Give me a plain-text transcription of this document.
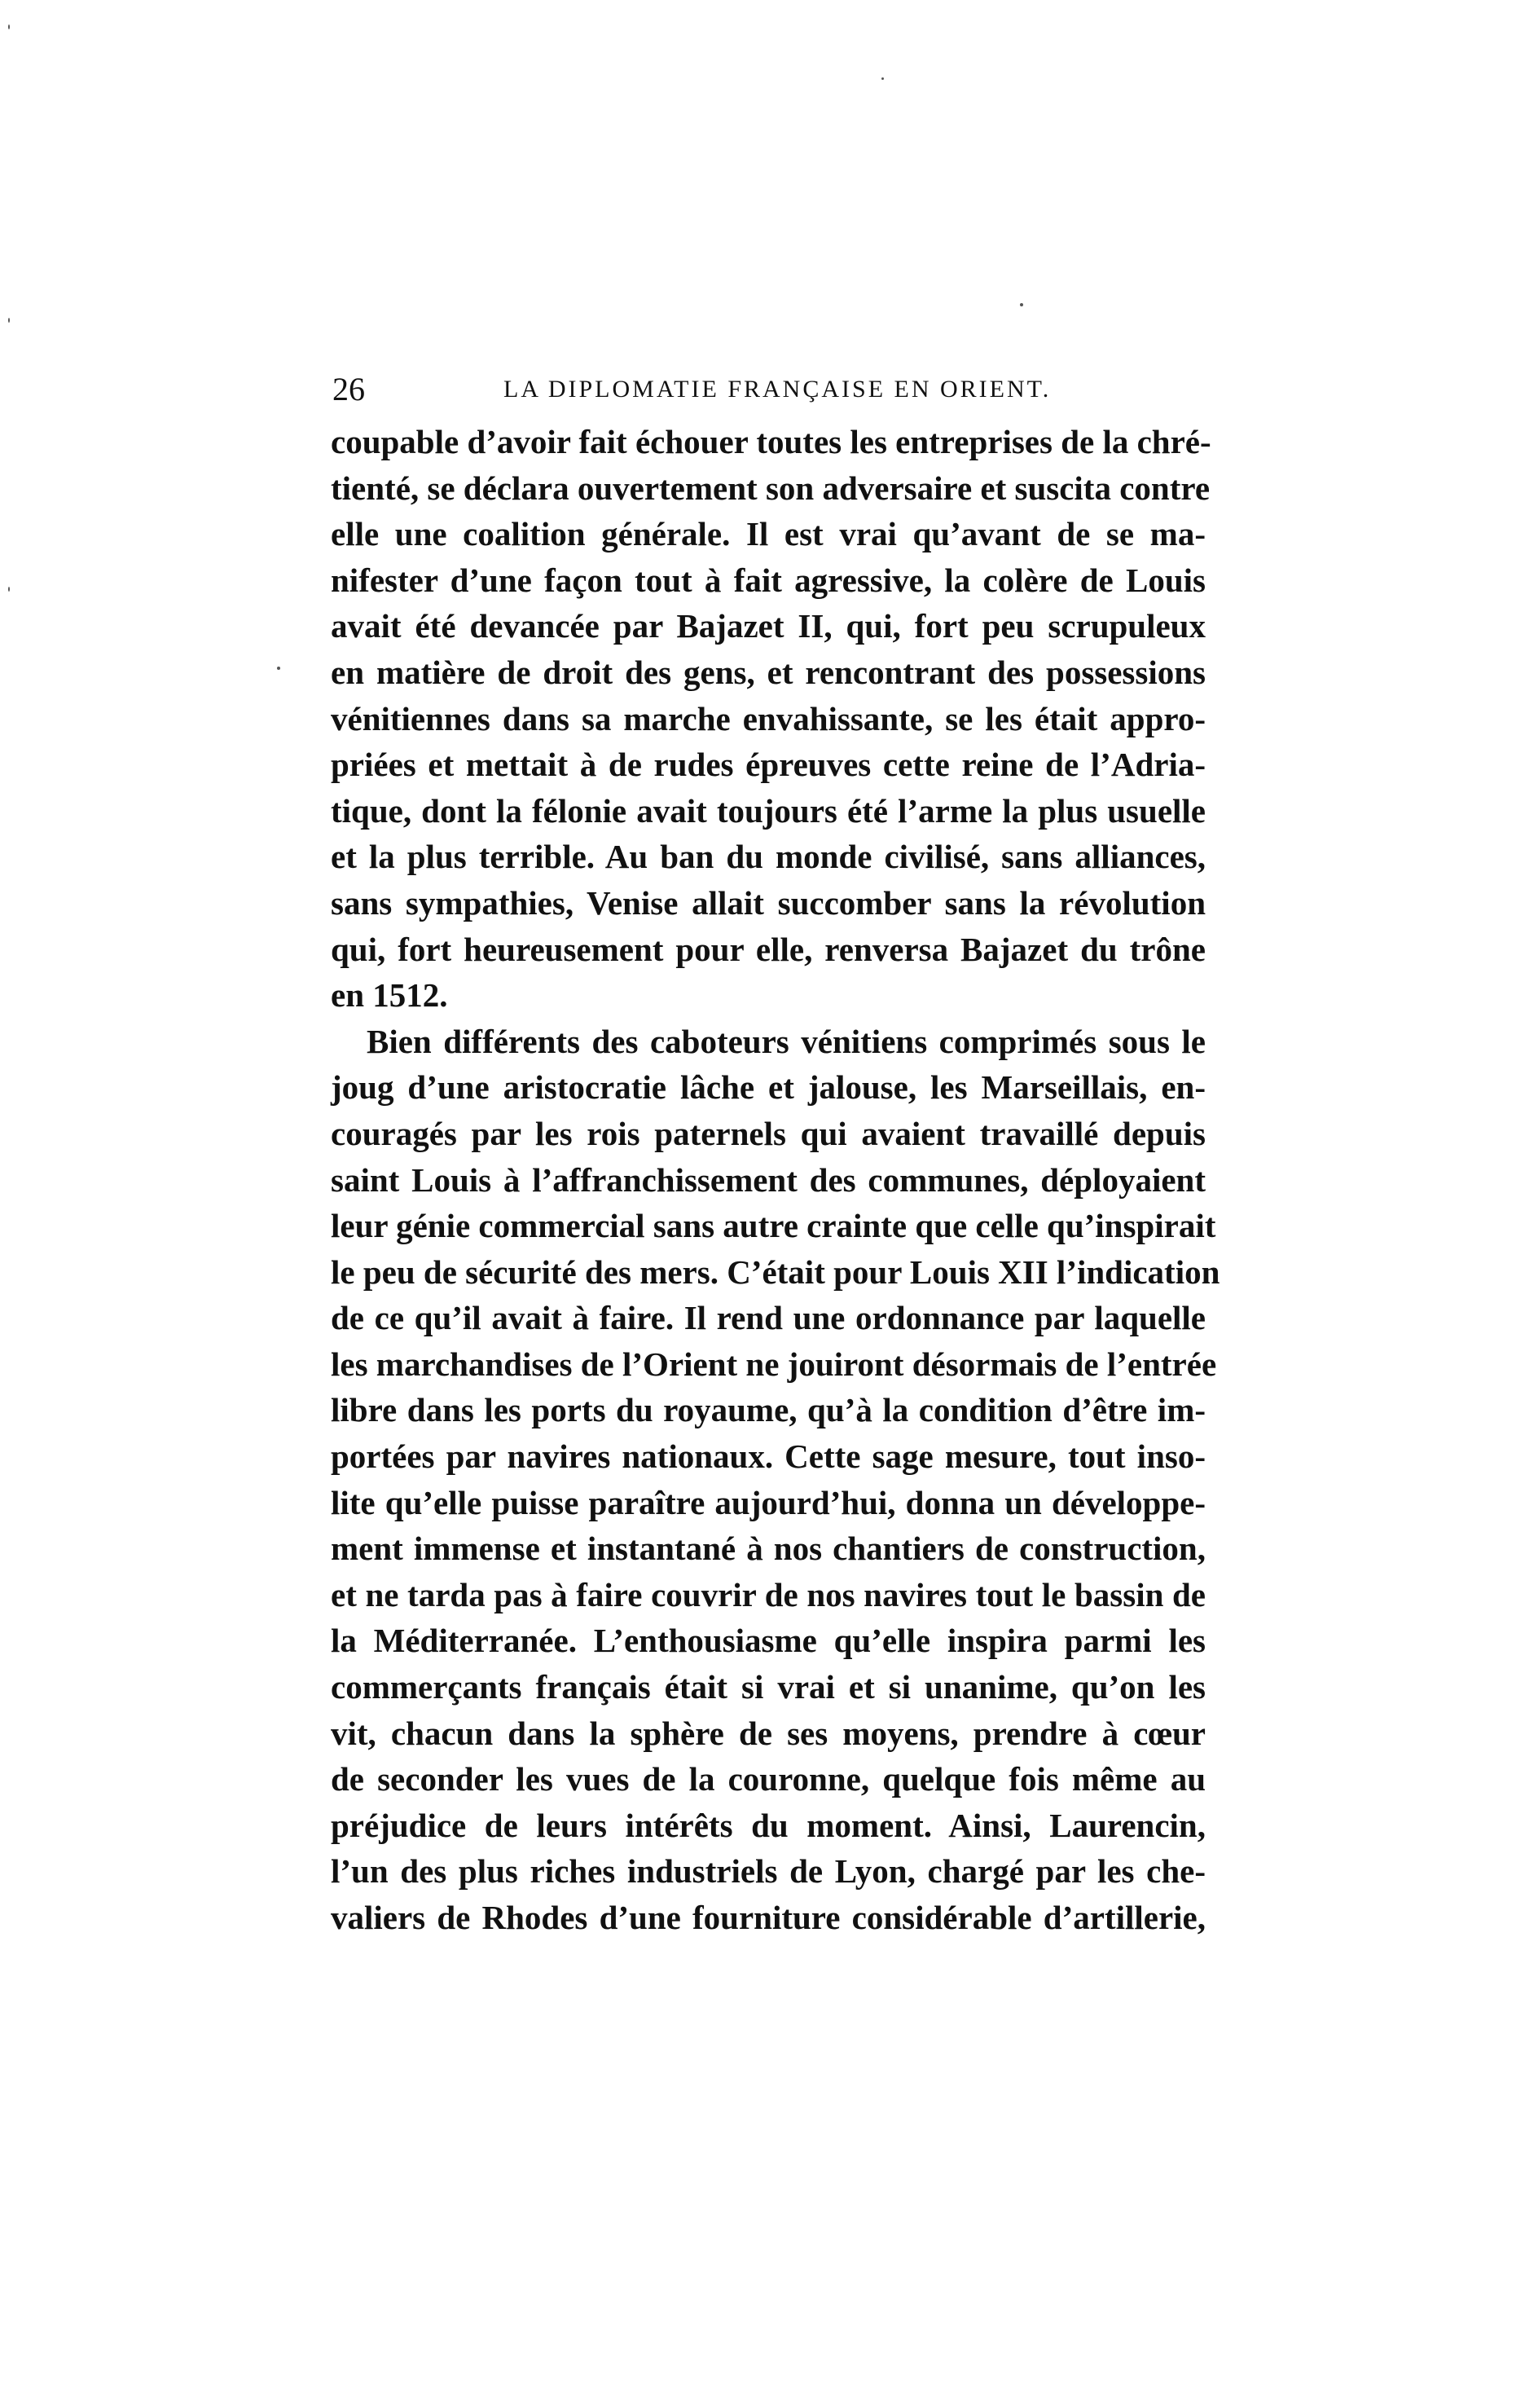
26	LA DIPLOMATIE FRANÇAISE EN ORIENT.
coupable d’avoir fait échouer toutes les entreprises de la chré-
tienté, se déclara ouvertement son adversaire et suscita contre
elle une coalition générale. Il est vrai qu’avant de se ma-
nifester d’une façon tout à fait agressive, la colère de Louis
avait été devancée par Bajazet II, qui, fort peu scrupuleux
en matière de droit des gens, et rencontrant des possessions
vénitiennes dans sa marche envahissante, se les était appro-
priées et mettait à de rudes épreuves cette reine de l’Adria-
tique, dont la félonie avait toujours été l’arme la plus usuelle
et la plus terrible. Au ban du monde civilisé, sans alliances,
sans sympathies, Venise allait succomber sans la révolution
qui, fort heureusement pour elle, renversa Bajazet du trône
en 1512.
Bien différents des caboteurs vénitiens comprimés sous le
joug d’une aristocratie lâche et jalouse, les Marseillais, en-
couragés par les rois paternels qui avaient travaillé depuis
saint Louis à l’affranchissement des communes, déployaient
leur génie commercial sans autre crainte que celle qu’inspirait
le peu de sécurité des mers. C’était pour Louis XII l’indication
de ce qu’il avait à faire. Il rend une ordonnance par laquelle
les marchandises de l’Orient ne jouiront désormais de l’entrée
libre dans les ports du royaume, qu’à la condition d’être im-
portées par navires nationaux. Cette sage mesure, tout inso-
lite qu’elle puisse paraître aujourd’hui, donna un développe-
ment immense et instantané à nos chantiers de construction,
et ne tarda pas à faire couvrir de nos navires tout le bassin de
la Méditerranée. L’enthousiasme qu’elle inspira parmi les
commerçants français était si vrai et si unanime, qu’on les
vit, chacun dans la sphère de ses moyens, prendre à cœur
de seconder les vues de la couronne, quelque fois même au
préjudice de leurs intérêts du moment. Ainsi, Laurencin,
l’un des plus riches industriels de Lyon, chargé par les che-
valiers de Rhodes d’une fourniture considérable d’artillerie,
